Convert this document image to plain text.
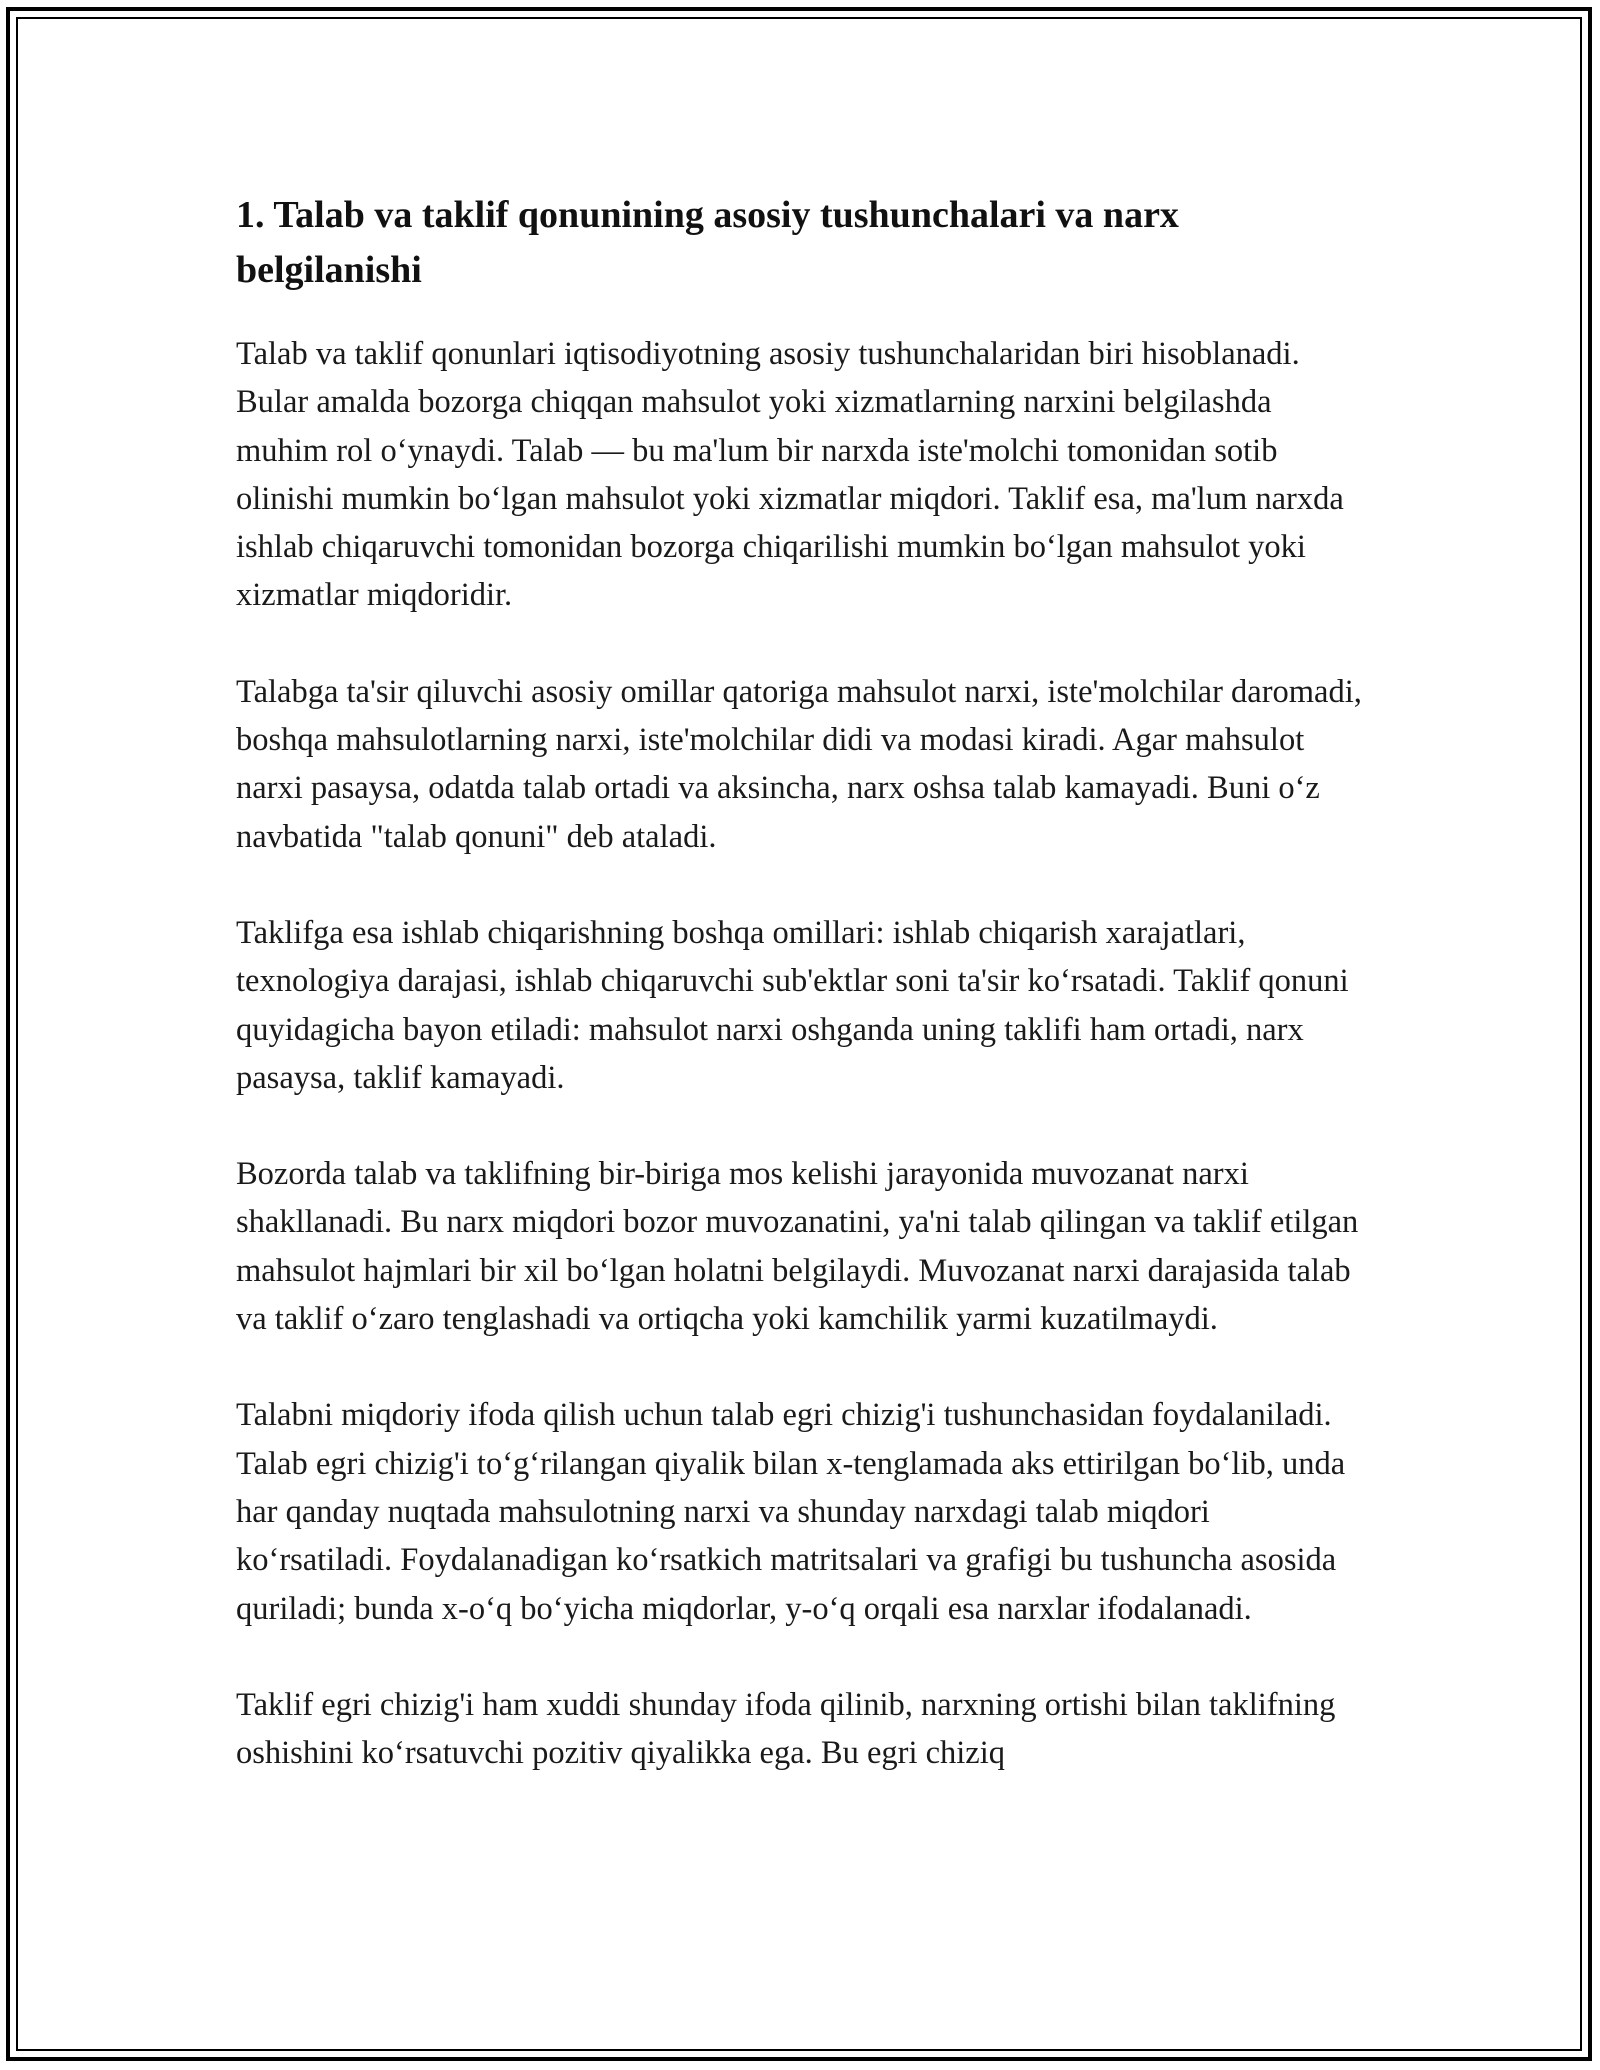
1. Talab va taklif qonunining asosiy tushunchalari va narx belgilanishi

Talab va taklif qonunlari iqtisodiyotning asosiy tushunchalaridan biri hisoblanadi. Bular amalda bozorga chiqqan mahsulot yoki xizmatlarning narxini belgilashda muhim rol oʻynaydi. Talab — bu ma'lum bir narxda iste'molchi tomonidan sotib olinishi mumkin boʻlgan mahsulot yoki xizmatlar miqdori. Taklif esa, ma'lum narxda ishlab chiqaruvchi tomonidan bozorga chiqarilishi mumkin boʻlgan mahsulot yoki xizmatlar miqdoridir.

Talabga ta'sir qiluvchi asosiy omillar qatoriga mahsulot narxi, iste'molchilar daromadi, boshqa mahsulotlarning narxi, iste'molchilar didi va modasi kiradi. Agar mahsulot narxi pasaysa, odatda talab ortadi va aksincha, narx oshsa talab kamayadi. Buni oʻz navbatida "talab qonuni" deb ataladi.

Taklifga esa ishlab chiqarishning boshqa omillari: ishlab chiqarish xarajatlari, texnologiya darajasi, ishlab chiqaruvchi sub'ektlar soni ta'sir koʻrsatadi. Taklif qonuni quyidagicha bayon etiladi: mahsulot narxi oshganda uning taklifi ham ortadi, narx pasaysa, taklif kamayadi.

Bozorda talab va taklifning bir-biriga mos kelishi jarayonida muvozanat narxi shakllanadi. Bu narx miqdori bozor muvozanatini, ya'ni talab qilingan va taklif etilgan mahsulot hajmlari bir xil boʻlgan holatni belgilaydi. Muvozanat narxi darajasida talab va taklif oʻzaro tenglashadi va ortiqcha yoki kamchilik yarmi kuzatilmaydi.

Talabni miqdoriy ifoda qilish uchun talab egri chizig'i tushunchasidan foydalaniladi. Talab egri chizig'i toʻgʻrilangan qiyalik bilan x-tenglamada aks ettirilgan boʻlib, unda har qanday nuqtada mahsulotning narxi va shunday narxdagi talab miqdori koʻrsatiladi. Foydalanadigan koʻrsatkich matritsalari va grafigi bu tushuncha asosida quriladi; bunda x-oʻq boʻyicha miqdorlar, y-oʻq orqali esa narxlar ifodalanadi.

Taklif egri chizig'i ham xuddi shunday ifoda qilinib, narxning ortishi bilan taklifning oshishini koʻrsatuvchi pozitiv qiyalikka ega. Bu egri chiziq
